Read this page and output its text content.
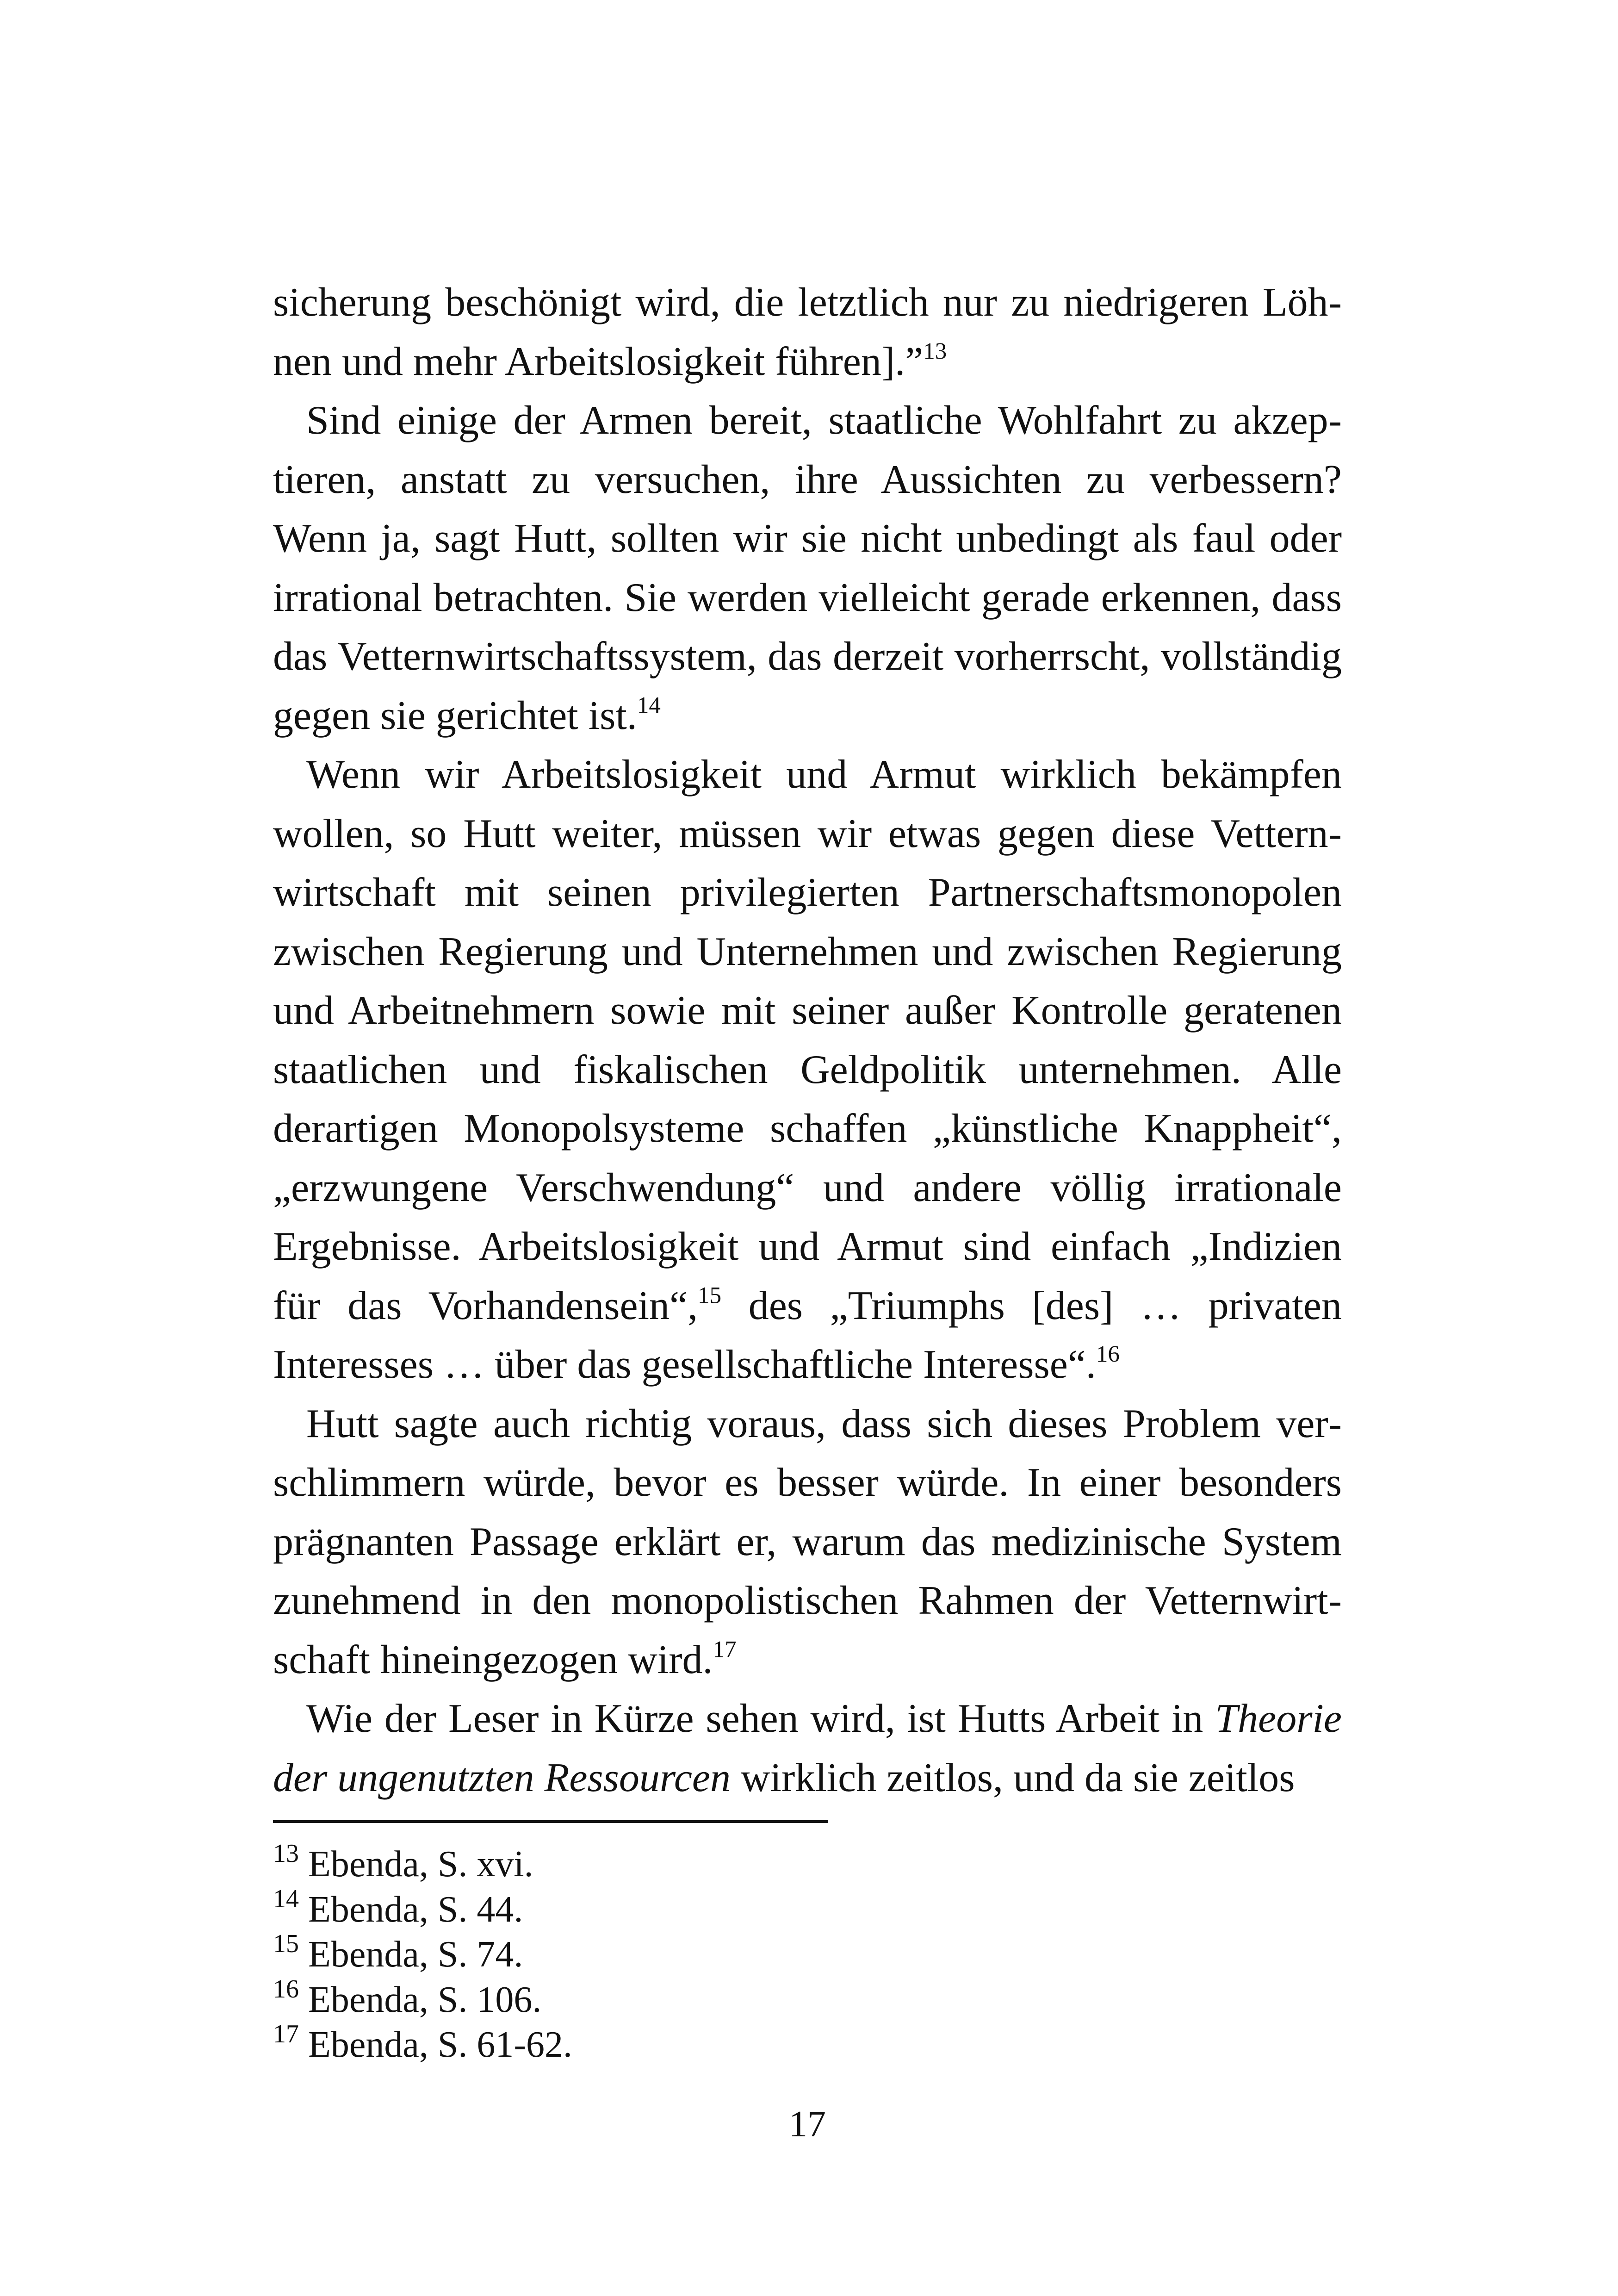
sicherung beschönigt wird, die letztlich nur zu niedrigeren Löhnen und mehr Arbeitslosigkeit führen].”$^{13}$

Sind einige der Armen bereit, staatliche Wohlfahrt zu akzeptieren, anstatt zu versuchen, ihre Aussichten zu verbessern? Wenn ja, sagt Hutt, sollten wir sie nicht unbedingt als faul oder irrational betrachten. Sie werden vielleicht gerade erkennen, dass das Vetternwirtschaftssystem, das derzeit vorherrscht, vollständig gegen sie gerichtet ist.$^{14}$

Wenn wir Arbeitslosigkeit und Armut wirklich bekämpfen wollen, so Hutt weiter, müssen wir etwas gegen diese Vetternwirtschaft mit seinen privilegierten Partnerschaftsmonopolen zwischen Regierung und Unternehmen und zwischen Regierung und Arbeitnehmern sowie mit seiner außer Kontrolle geratenen staatlichen und fiskalischen Geldpolitik unternehmen. Alle derartigen Monopolsysteme schaffen „künstliche Knappheit“, „erzwungene Verschwendung“ und andere völlig irrationale Ergebnisse. Arbeitslosigkeit und Armut sind einfach „Indizien für das Vorhandensein“,$^{15}$ des „Triumphs [des] … privaten Interesses … über das gesellschaftliche Interesse“.$^{16}$

Hutt sagte auch richtig voraus, dass sich dieses Problem verschlimmern würde, bevor es besser würde. In einer besonders prägnanten Passage erklärt er, warum das medizinische System zunehmend in den monopolistischen Rahmen der Vetternwirtschaft hineingezogen wird.$^{17}$

Wie der Leser in Kürze sehen wird, ist Hutts Arbeit in Theorie der ungenutzten Ressourcen wirklich zeitlos, und da sie zeitlos

$^{13}$ Ebenda, S. xvi.
$^{14}$ Ebenda, S. 44.
$^{15}$ Ebenda, S. 74.
$^{16}$ Ebenda, S. 106.
$^{17}$ Ebenda, S. 61-62.
17
